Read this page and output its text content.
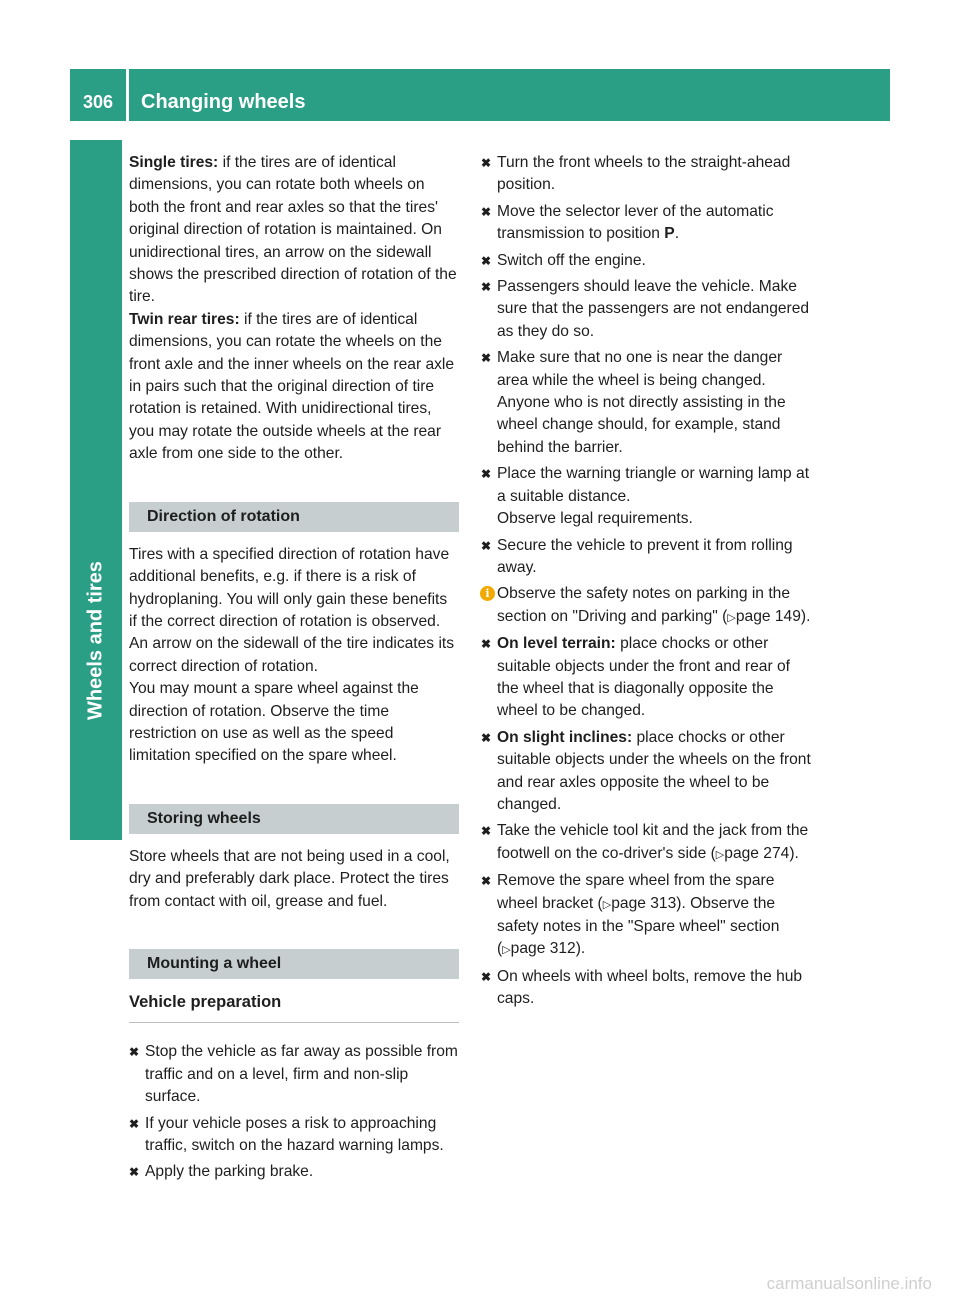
306	Changing wheels
Wheels and tires

Single tires: if the tires are of identical dimensions, you can rotate both wheels on both the front and rear axles so that the tires' original direction of rotation is maintained. On unidirectional tires, an arrow on the sidewall shows the prescribed direction of rotation of the tire.

Twin rear tires: if the tires are of identical dimensions, you can rotate the wheels on the front axle and the inner wheels on the rear axle in pairs such that the original direction of tire rotation is retained. With unidirectional tires, you may rotate the outside wheels at the rear axle from one side to the other.

Direction of rotation

Tires with a specified direction of rotation have additional benefits, e.g. if there is a risk of hydroplaning. You will only gain these benefits if the correct direction of rotation is observed.

An arrow on the sidewall of the tire indicates its correct direction of rotation.

You may mount a spare wheel against the direction of rotation. Observe the time restriction on use as well as the speed limitation specified on the spare wheel.

Storing wheels

Store wheels that are not being used in a cool, dry and preferably dark place. Protect the tires from contact with oil, grease and fuel.

Mounting a wheel
Vehicle preparation
✖ Stop the vehicle as far away as possible from traffic and on a level, firm and non-slip surface.
✖ If your vehicle poses a risk to approaching traffic, switch on the hazard warning lamps.
✖ Apply the parking brake.
✖ Turn the front wheels to the straight-ahead position.
✖ Move the selector lever of the automatic transmission to position P.
✖ Switch off the engine.
✖ Passengers should leave the vehicle. Make sure that the passengers are not endangered as they do so.
✖ Make sure that no one is near the danger area while the wheel is being changed. Anyone who is not directly assisting in the wheel change should, for example, stand behind the barrier.
✖ Place the warning triangle or warning lamp at a suitable distance.
Observe legal requirements.
✖ Secure the vehicle to prevent it from rolling away.
i Observe the safety notes on parking in the section on "Driving and parking" (▷page 149).
✖ On level terrain: place chocks or other suitable objects under the front and rear of the wheel that is diagonally opposite the wheel to be changed.
✖ On slight inclines: place chocks or other suitable objects under the wheels on the front and rear axles opposite the wheel to be changed.
✖ Take the vehicle tool kit and the jack from the footwell on the co-driver's side (▷page 274).
✖ Remove the spare wheel from the spare wheel bracket (▷page 313). Observe the safety notes in the "Spare wheel" section (▷page 312).
✖ On wheels with wheel bolts, remove the hub caps.
carmanualsonline.info
